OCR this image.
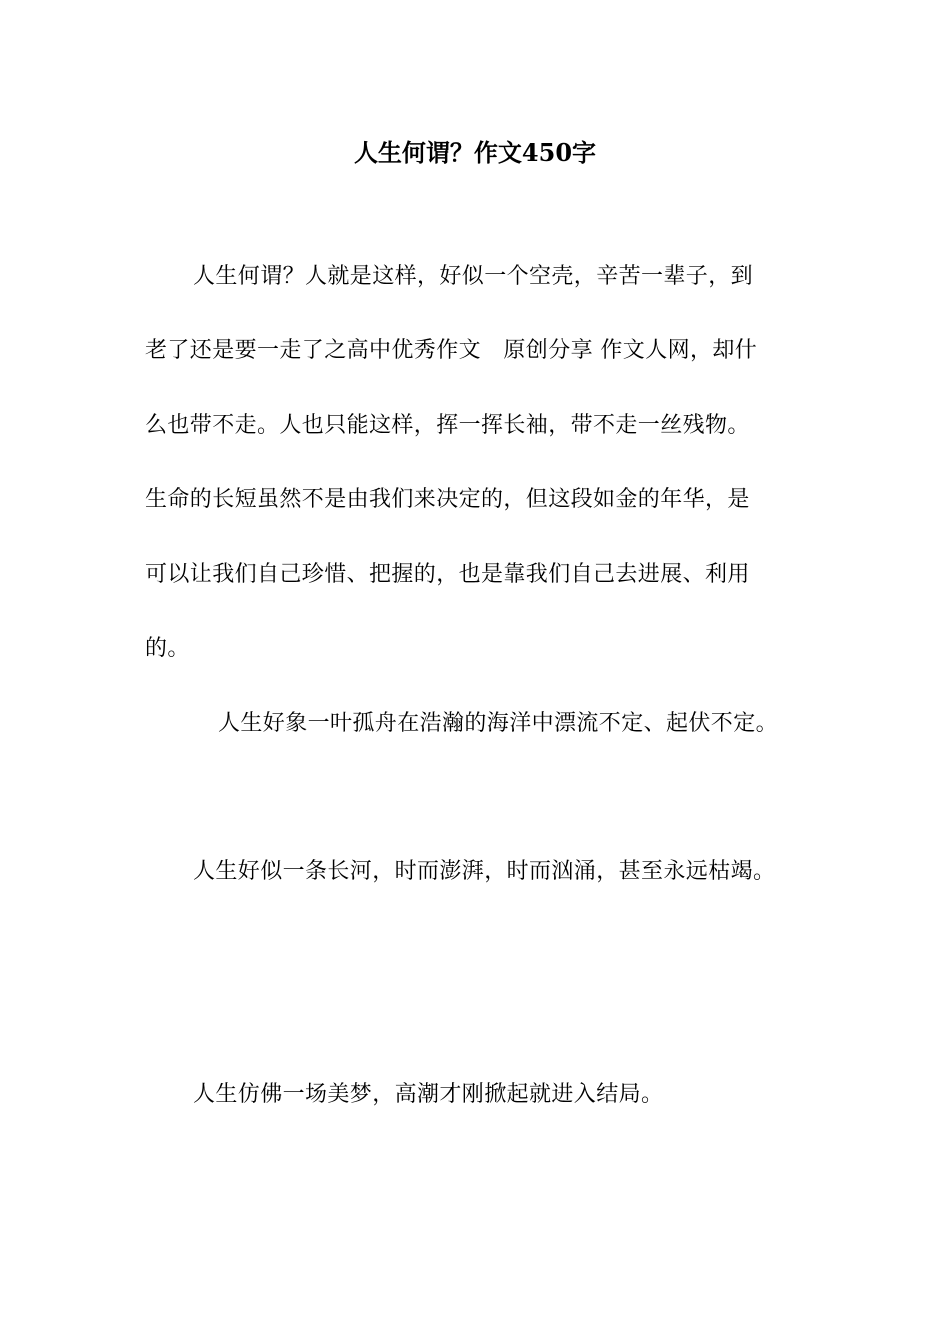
人生何谓？作文450字
人生何谓？人就是这样，好似一个空壳，辛苦一辈子，到
老了还是要一走了之高中优秀作文　原创分享 作文人网，却什
么也带不走。人也只能这样，挥一挥长袖，带不走一丝残物。
生命的长短虽然不是由我们来决定的，但这段如金的年华，是
可以让我们自己珍惜、把握的，也是靠我们自己去进展、利用
的。
人生好象一叶孤舟在浩瀚的海洋中漂流不定、起伏不定。
人生好似一条长河，时而澎湃，时而汹涌，甚至永远枯竭。
人生仿佛一场美梦，高潮才刚掀起就进入结局。
